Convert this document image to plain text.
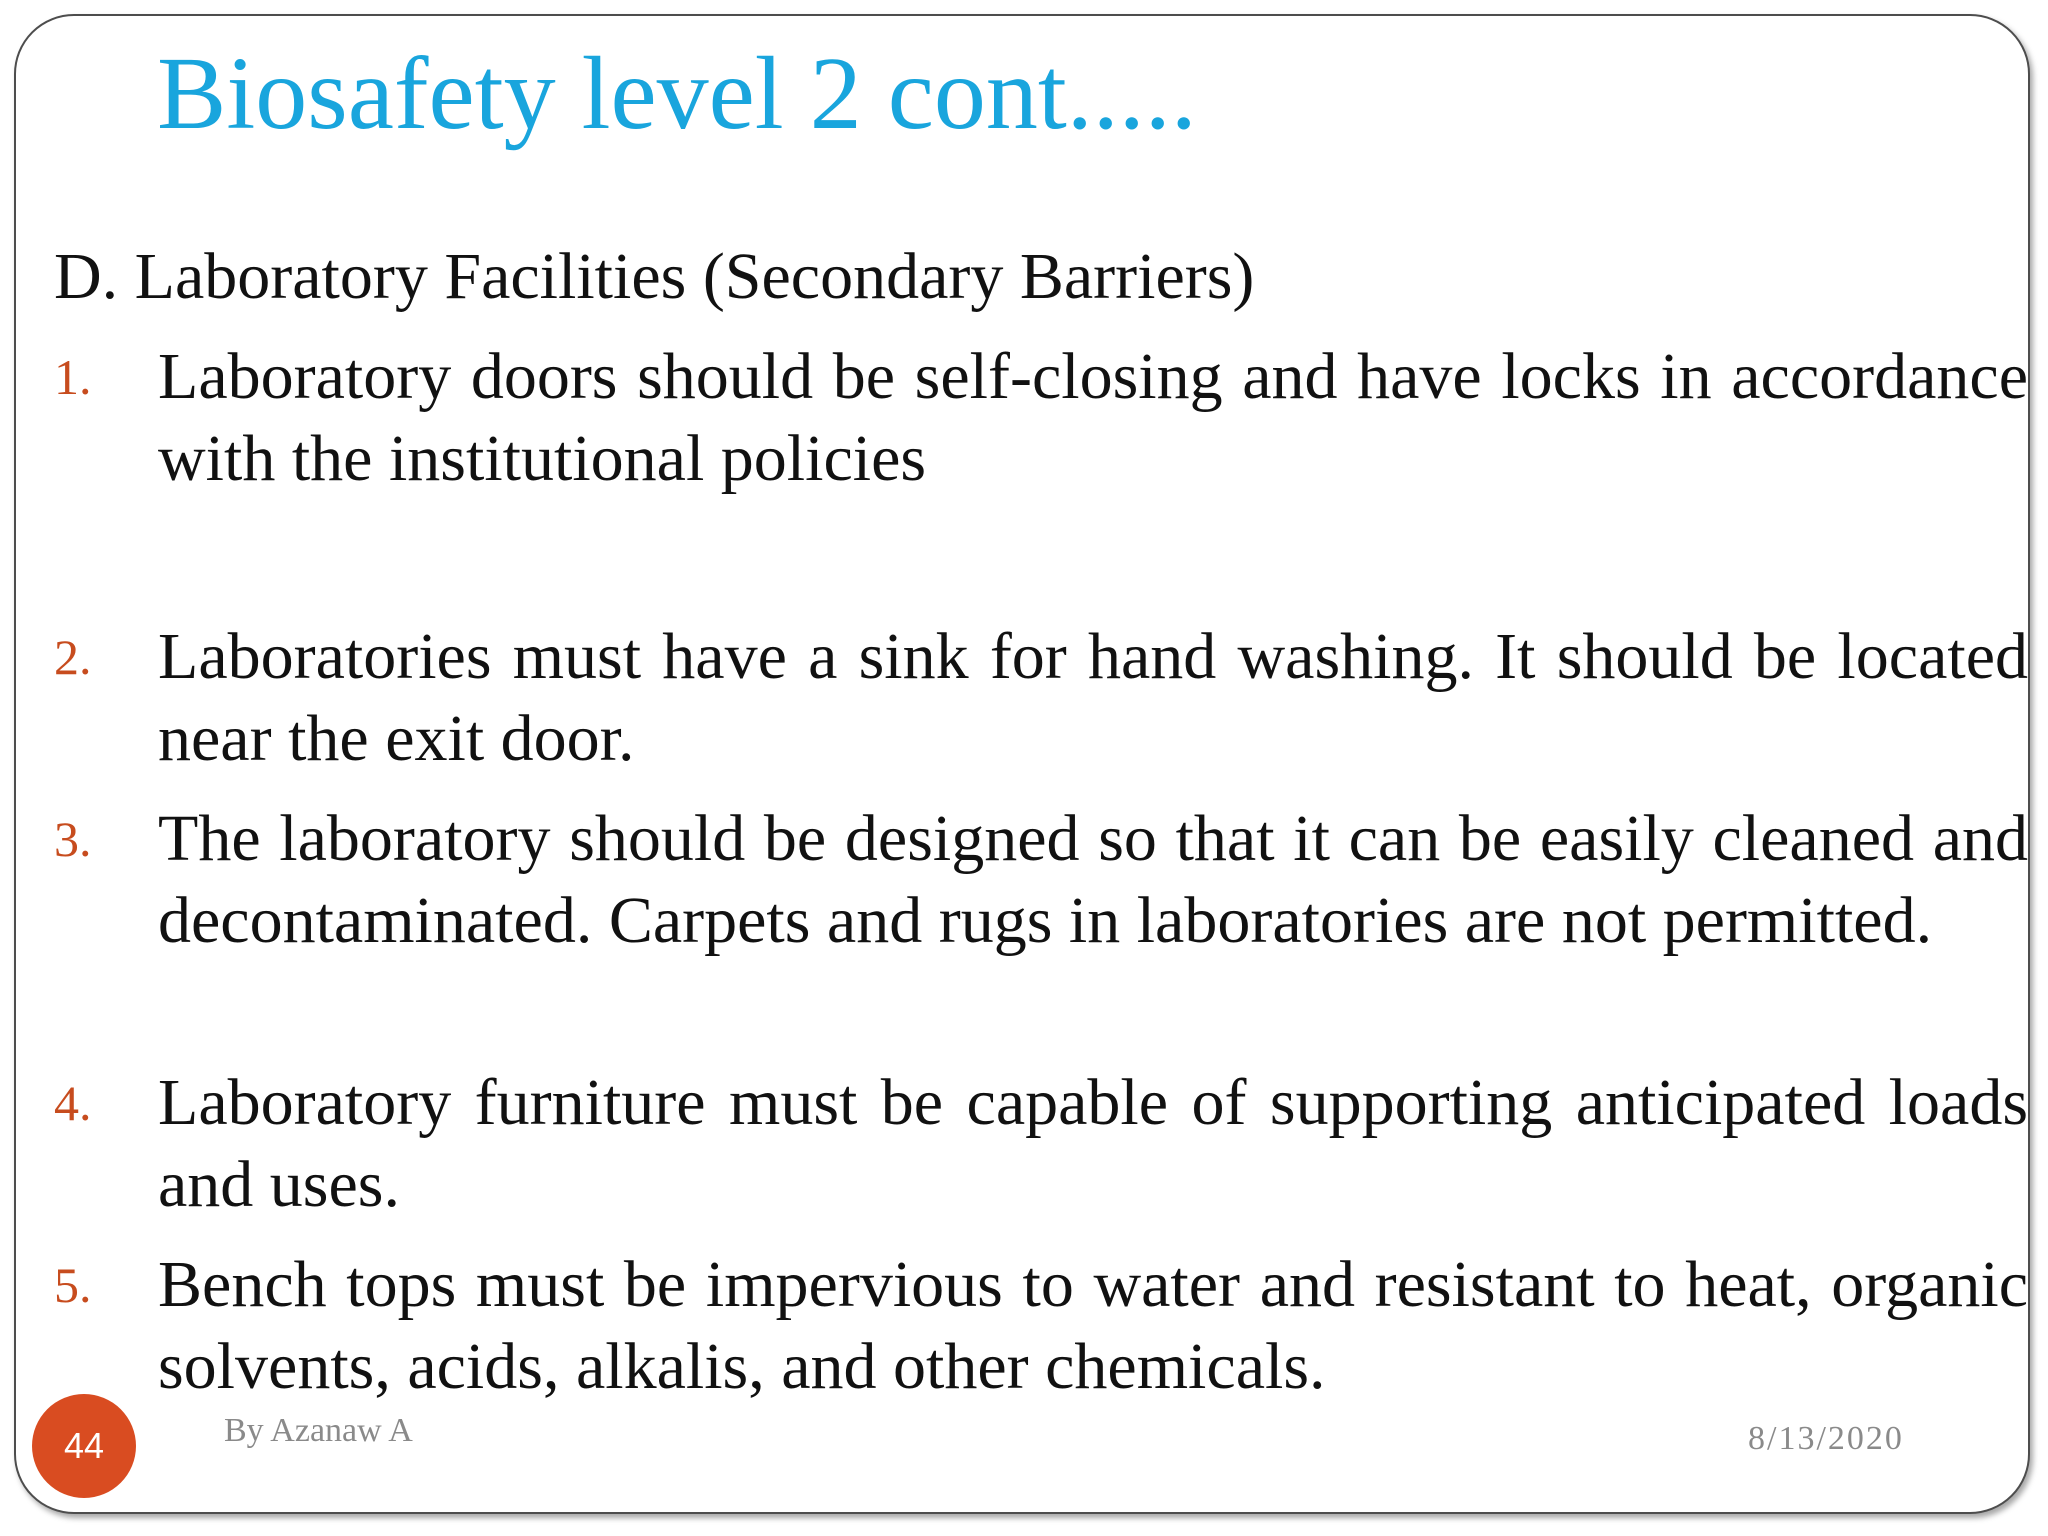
Biosafety level 2 cont.....
D. Laboratory Facilities (Secondary Barriers)
1.	Laboratory doors should be self-closing and have locks in accordance with the institutional policies
2.	Laboratories must have a sink for hand washing. It should be located near the exit door.
3.	The laboratory should be designed so that it can be easily cleaned and decontaminated. Carpets and rugs in laboratories are not permitted.
4.	Laboratory furniture must be capable of supporting anticipated loads and uses.
5.	Bench tops must be impervious to water and resistant to heat, organic solvents, acids, alkalis, and other chemicals.
44	By Azanaw A	8/13/2020
